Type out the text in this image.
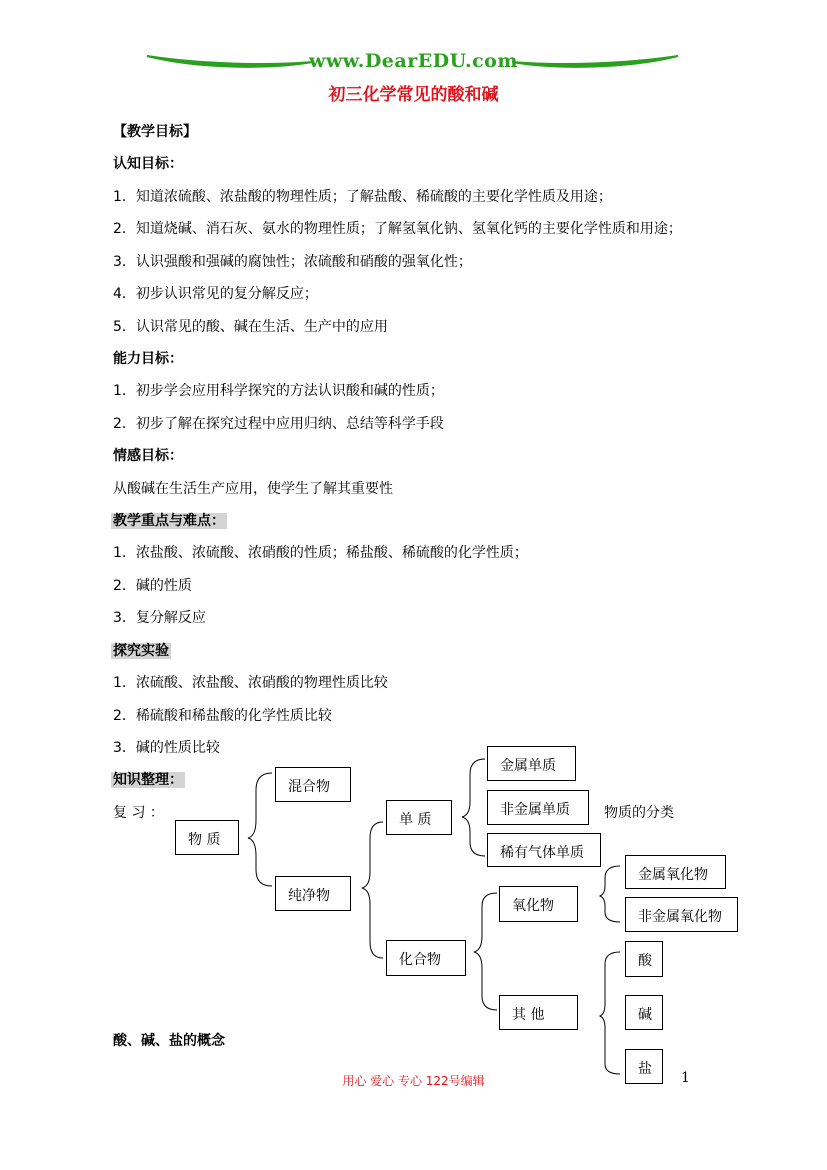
www.DearEDU.com
初三化学常见的酸和碱
【教学目标】
认知目标：
1．知道浓硫酸、浓盐酸的物理性质；了解盐酸、稀硫酸的主要化学性质及用途；
2．知道烧碱、消石灰、氨水的物理性质；了解氢氧化钠、氢氧化钙的主要化学性质和用途；
3．认识强酸和强碱的腐蚀性；浓硫酸和硝酸的强氧化性；
4．初步认识常见的复分解反应；
5．认识常见的酸、碱在生活、生产中的应用
能力目标：
1．初步学会应用科学探究的方法认识酸和碱的性质；
2．初步了解在探究过程中应用归纳、总结等科学手段
情感目标：
从酸碱在生活生产应用，使学生了解其重要性
教学重点与难点：
1．浓盐酸、浓硫酸、浓硝酸的性质；稀盐酸、稀硫酸的化学性质；
2．碱的性质
3．复分解反应
探究实验
1．浓硫酸、浓盐酸、浓硝酸的物理性质比较
2．稀硫酸和稀盐酸的化学性质比较
3．碱的性质比较
知识整理：
复 习 ：
物 质
混合物
纯净物
单 质
化合物
金属单质
非金属单质	物质的分类
稀有气体单质
氧化物
金属氧化物
非金属氧化物
其 他
酸
碱
盐
酸、碱、盐的概念
用心 爱心 专心 122号编辑	1
